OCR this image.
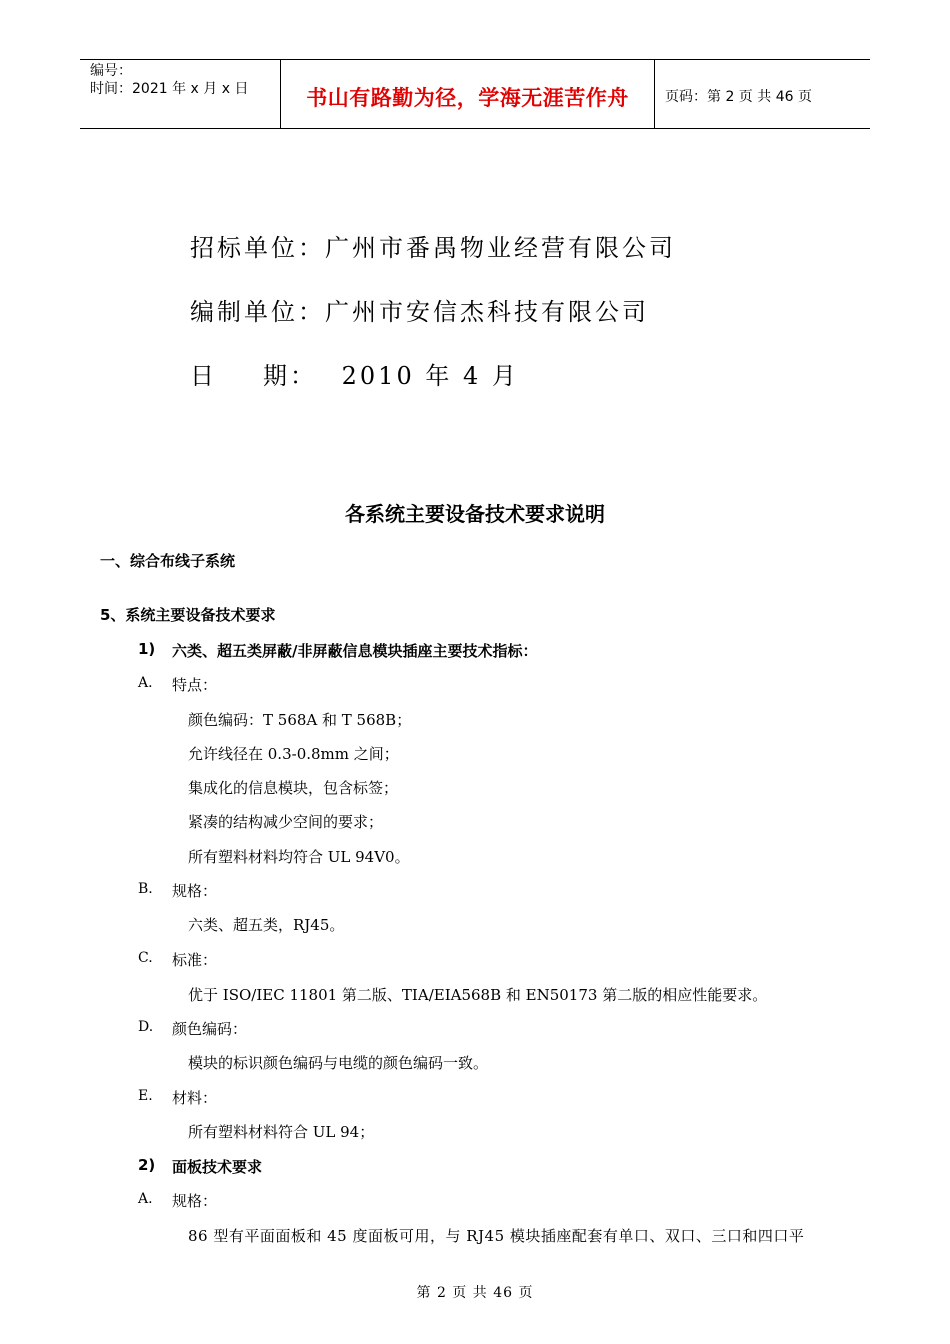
编号：
时间：2021 年 x 月 x 日	书山有路勤为径，学海无涯苦作舟	页码：第 2 页 共 46 页
招标单位：广州市番禺物业经营有限公司
编制单位：广州市安信杰科技有限公司
日 期： 2010 年 4 月
各系统主要设备技术要求说明
一、综合布线子系统
5、系统主要设备技术要求
1) 六类、超五类屏蔽/非屏蔽信息模块插座主要技术指标：
A. 特点：
颜色编码：T 568A 和 T 568B；
允许线径在 0.3-0.8mm 之间；
集成化的信息模块，包含标签；
紧凑的结构减少空间的要求；
所有塑料材料均符合 UL 94V0。
B. 规格：
六类、超五类，RJ45。
C. 标准：
优于 ISO/IEC 11801 第二版、TIA/EIA568B 和 EN50173 第二版的相应性能要求。
D. 颜色编码：
模块的标识颜色编码与电缆的颜色编码一致。
E. 材料：
所有塑料材料符合 UL 94；
2) 面板技术要求
A. 规格：
86 型有平面面板和 45 度面板可用，与 RJ45 模块插座配套有单口、双口、三口和四口平
第 2 页 共 46 页
